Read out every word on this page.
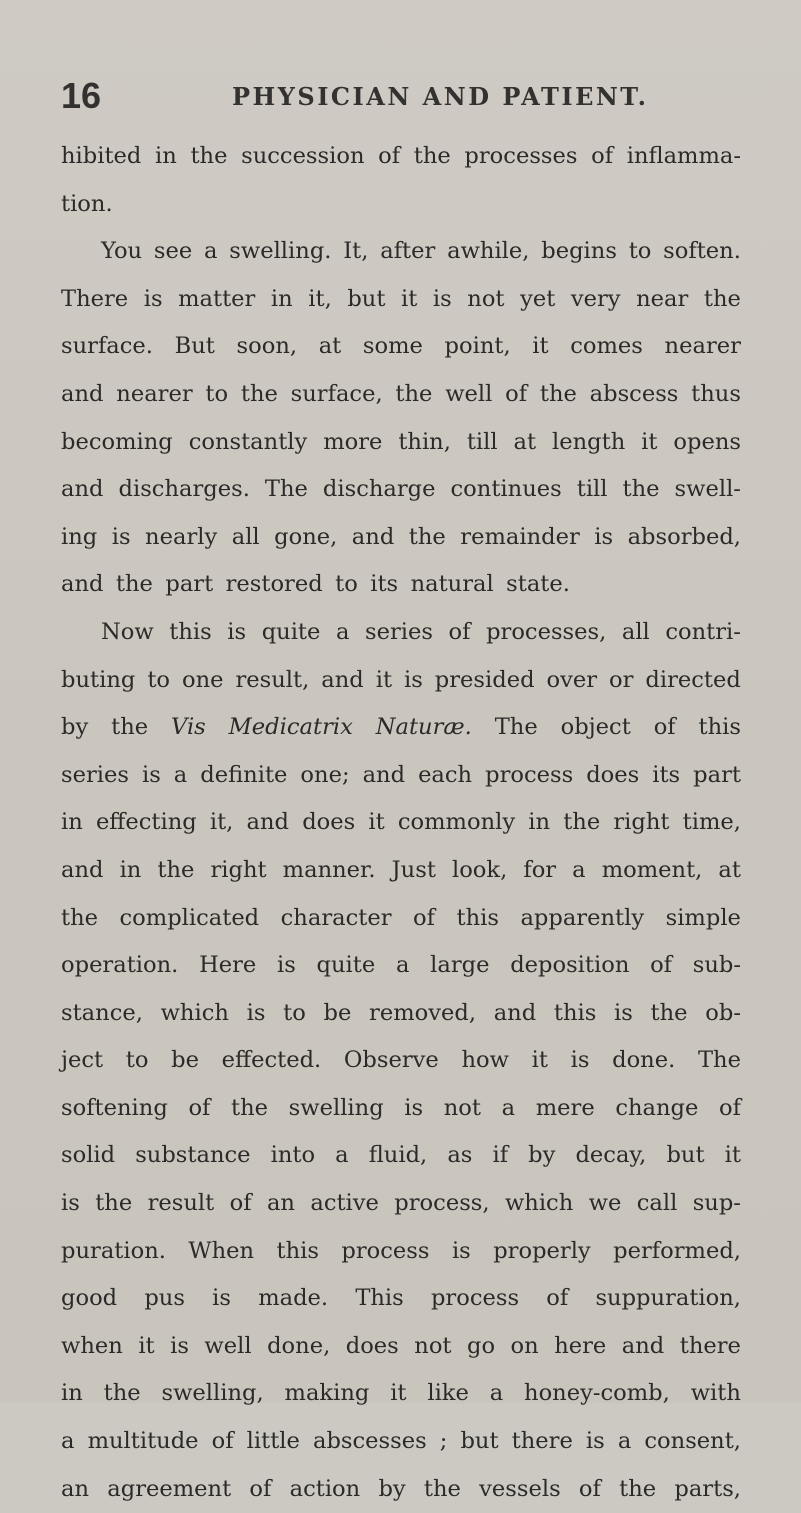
16	PHYSICIAN AND PATIENT.
hibited in the succession of the processes of inflamma-
tion.
You see a swelling. It, after awhile, begins to soften.
There is matter in it, but it is not yet very near the
surface. But soon, at some point, it comes nearer
and nearer to the surface, the well of the abscess thus
becoming constantly more thin, till at length it opens
and discharges. The discharge continues till the swell-
ing is nearly all gone, and the remainder is absorbed,
and the part restored to its natural state.
Now this is quite a series of processes, all contri-
buting to one result, and it is presided over or directed
by the Vis Medicatrix Naturæ. The object of this
series is a definite one; and each process does its part
in effecting it, and does it commonly in the right time,
and in the right manner. Just look, for a moment, at
the complicated character of this apparently simple
operation. Here is quite a large deposition of sub-
stance, which is to be removed, and this is the ob-
ject to be effected. Observe how it is done. The
softening of the swelling is not a mere change of
solid substance into a fluid, as if by decay, but it
is the result of an active process, which we call sup-
puration. When this process is properly performed,
good pus is made. This process of suppuration,
when it is well done, does not go on here and there
in the swelling, making it like a honey-comb, with
a multitude of little abscesses ; but there is a consent,
an agreement of action by the vessels of the parts,
